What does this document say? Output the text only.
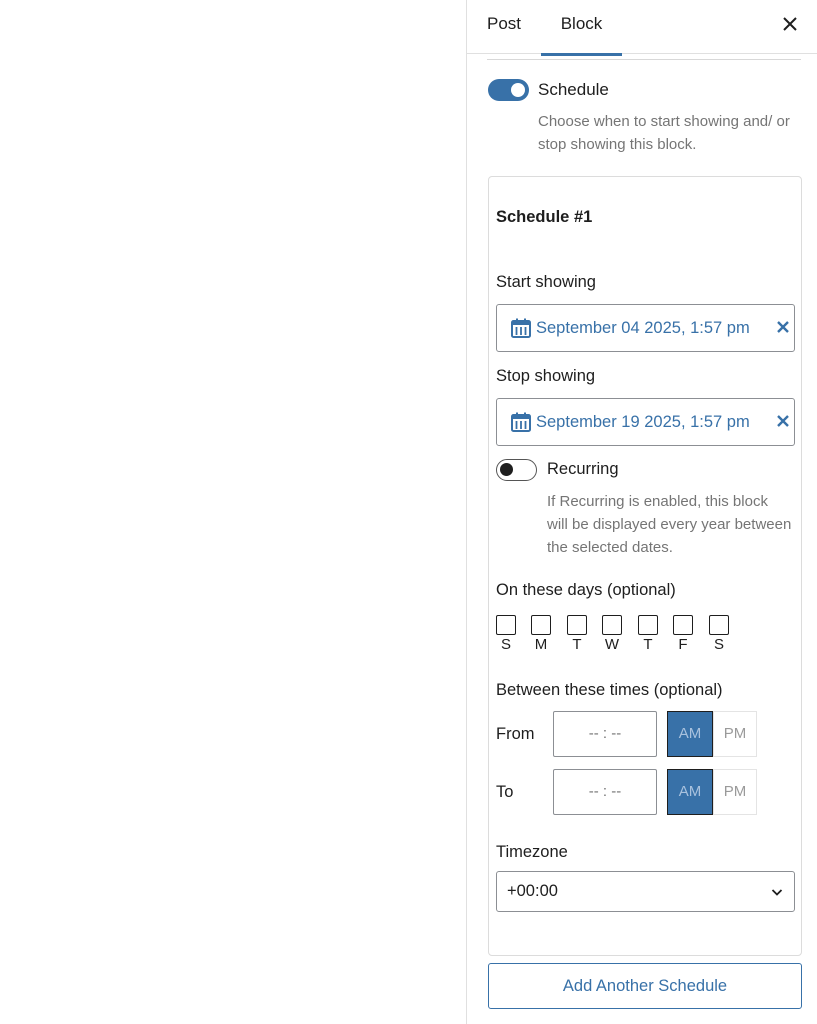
Post	Block
Schedule
Choose when to start showing and/ or stop showing this block.
Schedule #1
Start showing
September 04 2025, 1:57 pm
Stop showing
September 19 2025, 1:57 pm
Recurring
If Recurring is enabled, this block will be displayed every year between the selected dates.
On these days (optional)
S	M	T	W	T	F	S
Between these times (optional)
From	-- : --	AM	PM
To	-- : --	AM	PM
Timezone
+00:00
Add Another Schedule
